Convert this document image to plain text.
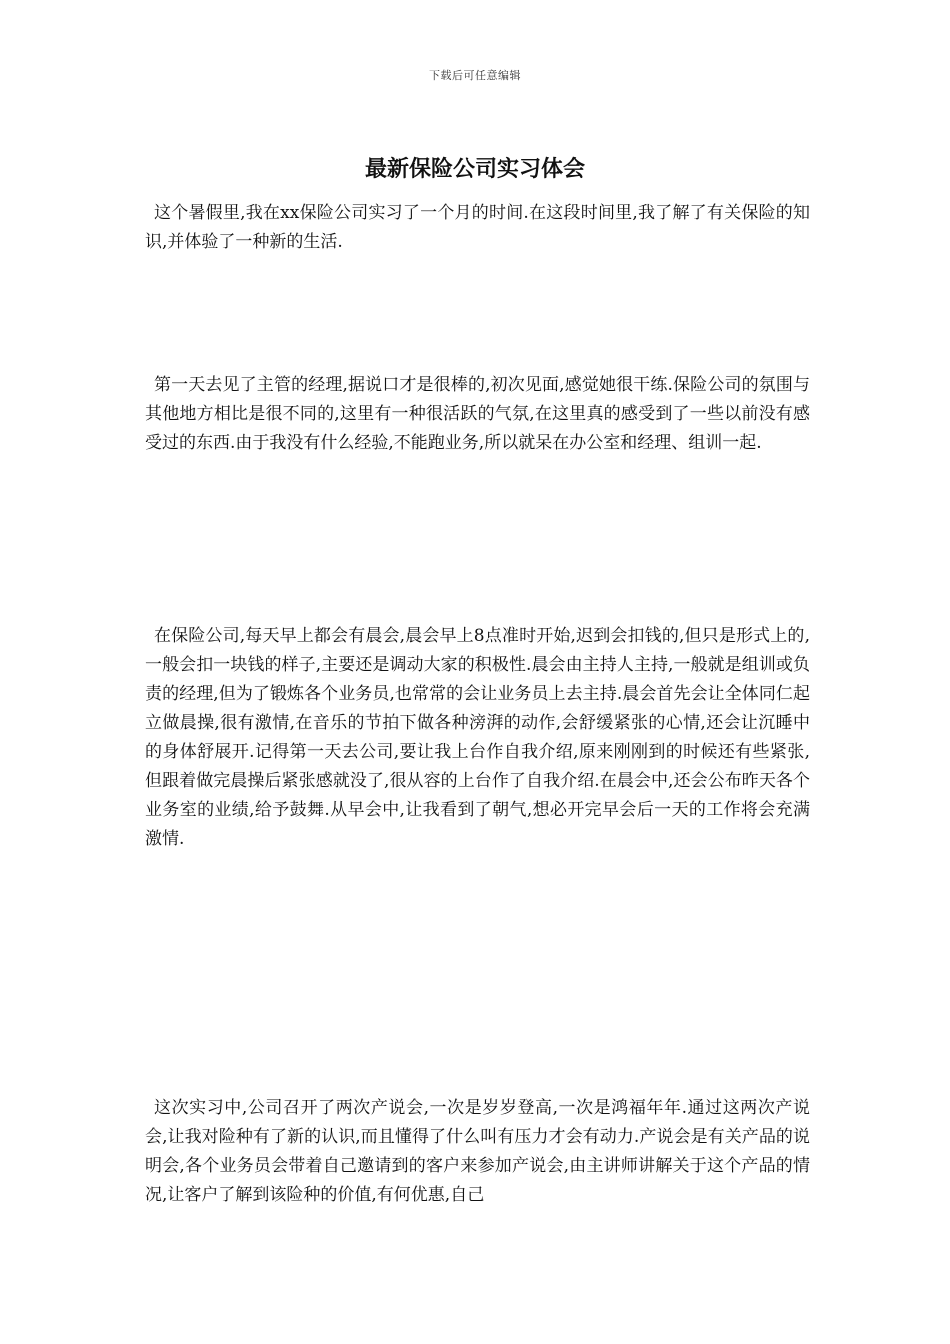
下载后可任意编辑
最新保险公司实习体会

这个暑假里,我在xx保险公司实习了一个月的时间.在这段时间里,我了解了有关保险的知识,并体验了一种新的生活.

第一天去见了主管的经理,据说口才是很棒的,初次见面,感觉她很干练.保险公司的氛围与其他地方相比是很不同的,这里有一种很活跃的气氛,在这里真的感受到了一些以前没有感受过的东西.由于我没有什么经验,不能跑业务,所以就呆在办公室和经理、组训一起.

在保险公司,每天早上都会有晨会,晨会早上8点准时开始,迟到会扣钱的,但只是形式上的,一般会扣一块钱的样子,主要还是调动大家的积极性.晨会由主持人主持,一般就是组训或负责的经理,但为了锻炼各个业务员,也常常的会让业务员上去主持.晨会首先会让全体同仁起立做晨操,很有激情,在音乐的节拍下做各种滂湃的动作,会舒缓紧张的心情,还会让沉睡中的身体舒展开.记得第一天去公司,要让我上台作自我介绍,原来刚刚到的时候还有些紧张,但跟着做完晨操后紧张感就没了,很从容的上台作了自我介绍.在晨会中,还会公布昨天各个业务室的业绩,给予鼓舞.从早会中,让我看到了朝气,想必开完早会后一天的工作将会充满激情.

这次实习中,公司召开了两次产说会,一次是岁岁登高,一次是鸿福年年.通过这两次产说会,让我对险种有了新的认识,而且懂得了什么叫有压力才会有动力.产说会是有关产品的说明会,各个业务员会带着自己邀请到的客户来参加产说会,由主讲师讲解关于这个产品的情况,让客户了解到该险种的价值,有何优惠,自己
